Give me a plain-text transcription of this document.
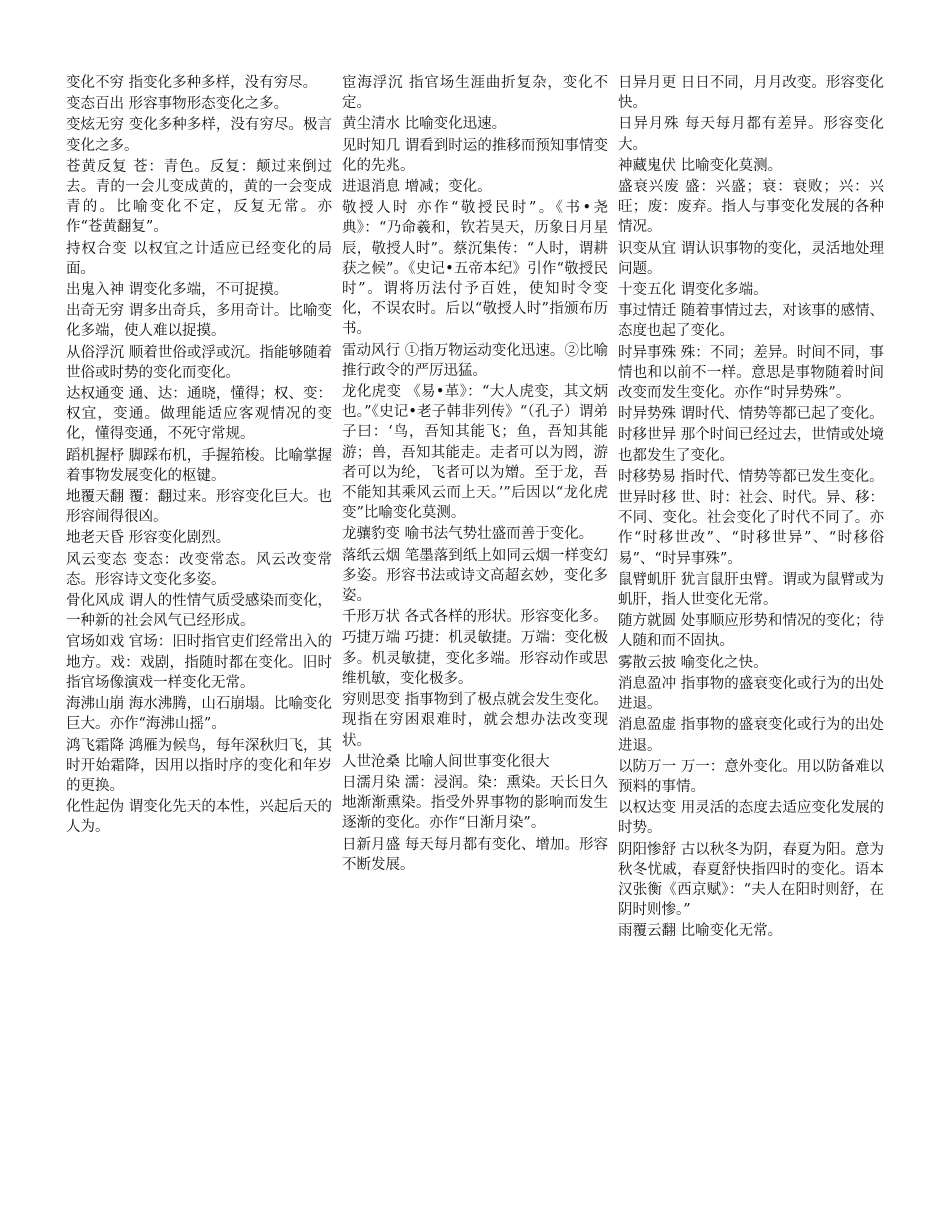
变化不穷 指变化多种多样，没有穷尽。

变态百出 形容事物形态变化之多。

变炫无穷 变化多种多样，没有穷尽。极言变化之多。

苍黄反复 苍：青色。反复：颠过来倒过去。青的一会儿变成黄的，黄的一会变成青的。比喻变化不定，反复无常。亦作“苍黄翻复”。

持权合变 以权宜之计适应已经变化的局面。

出鬼入神 谓变化多端，不可捉摸。

出奇无穷 谓多出奇兵，多用奇计。比喻变化多端，使人难以捉摸。

从俗浮沉 顺着世俗或浮或沉。指能够随着世俗或时势的变化而变化。

达权通变 通、达：通晓，懂得；权、变：权宜，变通。做理能适应客观情况的变化，懂得变通，不死守常规。

蹈机握杼 脚踩布机，手握筘梭。比喻掌握着事物发展变化的枢键。

地覆天翻 覆：翻过来。形容变化巨大。也形容闹得很凶。

地老天昏 形容变化剧烈。

风云变态 变态：改变常态。风云改变常态。形容诗文变化多姿。

骨化风成 谓人的性情气质受感染而变化，一种新的社会风气已经形成。

官场如戏 官场：旧时指官吏们经常出入的地方。戏：戏剧，指随时都在变化。旧时指官场像演戏一样变化无常。

海沸山崩 海水沸腾，山石崩塌。比喻变化巨大。亦作“海沸山摇”。

鸿飞霜降 鸿雁为候鸟，每年深秋归飞，其时开始霜降，因用以指时序的变化和年岁的更换。

化性起伪 谓变化先天的本性，兴起后天的人为。

宦海浮沉 指官场生涯曲折复杂，变化不定。

黄尘清水 比喻变化迅速。

见时知几 谓看到时运的推移而预知事情变化的先兆。

进退消息 增减；变化。

敬授人时 亦作“敬授民时”。《书•尧典》：“乃命羲和，钦若昊天，历象日月星辰，敬授人时”。蔡沉集传：“人时，谓耕获之候”。《史记•五帝本纪》引作“敬授民时”。谓将历法付予百姓，使知时令变化，不误农时。后以“敬授人时”指颁布历书。

雷动风行 ①指万物运动变化迅速。②比喻推行政令的严厉迅猛。

龙化虎变 《易•革》：“大人虎变，其文炳也。”《史记•老子韩非列传》“（孔子）谓弟子曰：‘鸟，吾知其能飞；鱼，吾知其能游；兽，吾知其能走。走者可以为罔，游者可以为纶，飞者可以为矰。至于龙，吾不能知其乘风云而上天。’”后因以“龙化虎变”比喻变化莫测。

龙骧豹变 喻书法气势壮盛而善于变化。

落纸云烟 笔墨落到纸上如同云烟一样变幻多姿。形容书法或诗文高超玄妙，变化多姿。

千形万状 各式各样的形状。形容变化多。

巧捷万端 巧捷：机灵敏捷。万端：变化极多。机灵敏捷，变化多端。形容动作或思维机敏，变化极多。

穷则思变 指事物到了极点就会发生变化。现指在穷困艰难时，就会想办法改变现状。

人世沧桑 比喻人间世事变化很大

日濡月染 濡：浸润。染：熏染。天长日久地渐渐熏染。指受外界事物的影响而发生逐渐的变化。亦作“日渐月染”。

日新月盛 每天每月都有变化、增加。形容不断发展。

日异月更 日日不同，月月改变。形容变化快。

日异月殊 每天每月都有差异。形容变化大。

神藏鬼伏 比喻变化莫测。

盛衰兴废 盛：兴盛；衰：衰败；兴：兴旺；废：废弃。指人与事变化发展的各种情况。

识变从宜 谓认识事物的变化，灵活地处理问题。

十变五化 谓变化多端。

事过情迁 随着事情过去，对该事的感情、态度也起了变化。

时异事殊 殊：不同；差异。时间不同，事情也和以前不一样。意思是事物随着时间改变而发生变化。亦作“时异势殊”。

时异势殊 谓时代、情势等都已起了变化。

时移世异 那个时间已经过去，世情或处境也都发生了变化。

时移势易 指时代、情势等都已发生变化。

世异时移 世、时：社会、时代。异、移：不同、变化。社会变化了时代不同了。亦作“时移世改”、“时移世异”、“时移俗易”、“时异事殊”。

鼠臂虮肝 犹言鼠肝虫臂。谓或为鼠臂或为虮肝，指人世变化无常。

随方就圆 处事顺应形势和情况的变化；待人随和而不固执。

雾散云披 喻变化之快。

消息盈冲 指事物的盛衰变化或行为的出处进退。

消息盈虚 指事物的盛衰变化或行为的出处进退。

以防万一 万一：意外变化。用以防备难以预料的事情。

以权达变 用灵活的态度去适应变化发展的时势。

阴阳惨舒 古以秋冬为阴，春夏为阳。意为秋冬忧戚，春夏舒快指四时的变化。语本汉张衡《西京赋》：“夫人在阳时则舒，在阴时则惨。”

雨覆云翻 比喻变化无常。
